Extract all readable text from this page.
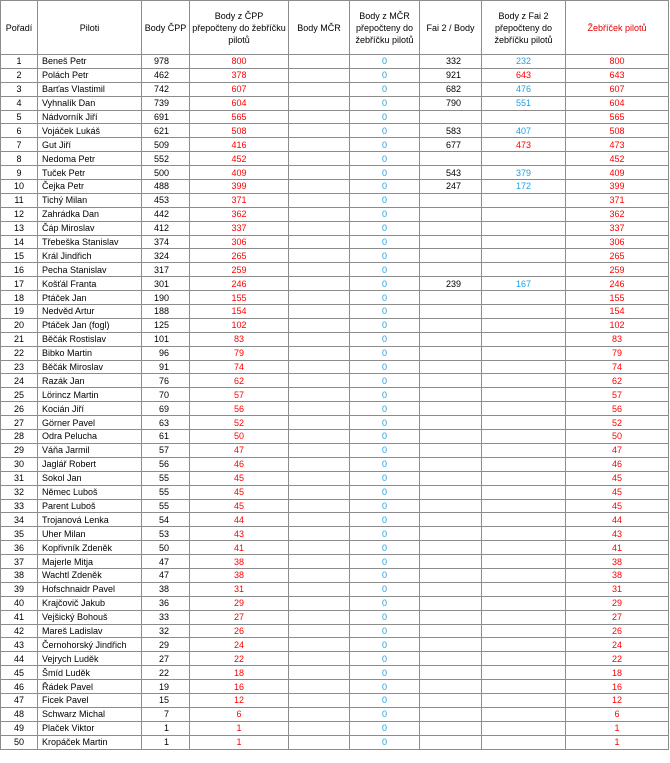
Pořadí	Piloti	Body ČPP	Body z ČPP přepočteny do žebříčku pilotů	Body MČR	Body z MČR přepočteny do žebříčku pilotů	Fai 2 / Body	Body z Fai 2 přepočteny do žebříčku pilotů	Žebříček pilotů
1	Beneš Petr	978	800		0	332	232	800
2	Polách Petr	462	378		0	921	643	643
3	Barťas Vlastimil	742	607		0	682	476	607
4	Vyhnalík Dan	739	604		0	790	551	604
5	Nádvorník Jiří	691	565		0			565
6	Vojáček Lukáš	621	508		0	583	407	508
7	Gut Jiří	509	416		0	677	473	473
8	Nedoma Petr	552	452		0			452
9	Tuček Petr	500	409		0	543	379	409
10	Čejka Petr	488	399		0	247	172	399
11	Tichý Milan	453	371		0			371
12	Zahrádka Dan	442	362		0			362
13	Čáp Miroslav	412	337		0			337
14	Třebeška Stanislav	374	306		0			306
15	Král Jindřich	324	265		0			265
16	Pecha Stanislav	317	259		0			259
17	Košťál Franta	301	246		0	239	167	246
18	Ptáček Jan	190	155		0			155
19	Nedvěd Artur	188	154		0			154
20	Ptáček Jan (fogl)	125	102		0			102
21	Běčák Rostislav	101	83		0			83
22	Bibko Martin	96	79		0			79
23	Běčák Miroslav	91	74		0			74
24	Razák Jan	76	62		0			62
25	Lörincz Martin	70	57		0			57
26	Kocián Jiří	69	56		0			56
27	Görner Pavel	63	52		0			52
28	Odra Pelucha	61	50		0			50
29	Váňa Jarmil	57	47		0			47
30	Jaglář Robert	56	46		0			46
31	Sokol Jan	55	45		0			45
32	Němec Luboš	55	45		0			45
33	Parent Luboš	55	45		0			45
34	Trojanová Lenka	54	44		0			44
35	Uher Milan	53	43		0			43
36	Kopřivník Zdeněk	50	41		0			41
37	Majerle Mitja	47	38		0			38
38	Wachtl Zdeněk	47	38		0			38
39	Hofschnaidr Pavel	38	31		0			31
40	Krajčovič Jakub	36	29		0			29
41	Vejšický Bohouš	33	27		0			27
42	Mareš Ladislav	32	26		0			26
43	Černohorský Jindřich	29	24		0			24
44	Vejrych Luděk	27	22		0			22
45	Šmíd Luděk	22	18		0			18
46	Řádek Pavel	19	16		0			16
47	Ficek Pavel	15	12		0			12
48	Schwarz Michal	7	6		0			6
49	Plaček Viktor	1	1		0			1
50	Kropáček Martin	1	1		0			1
